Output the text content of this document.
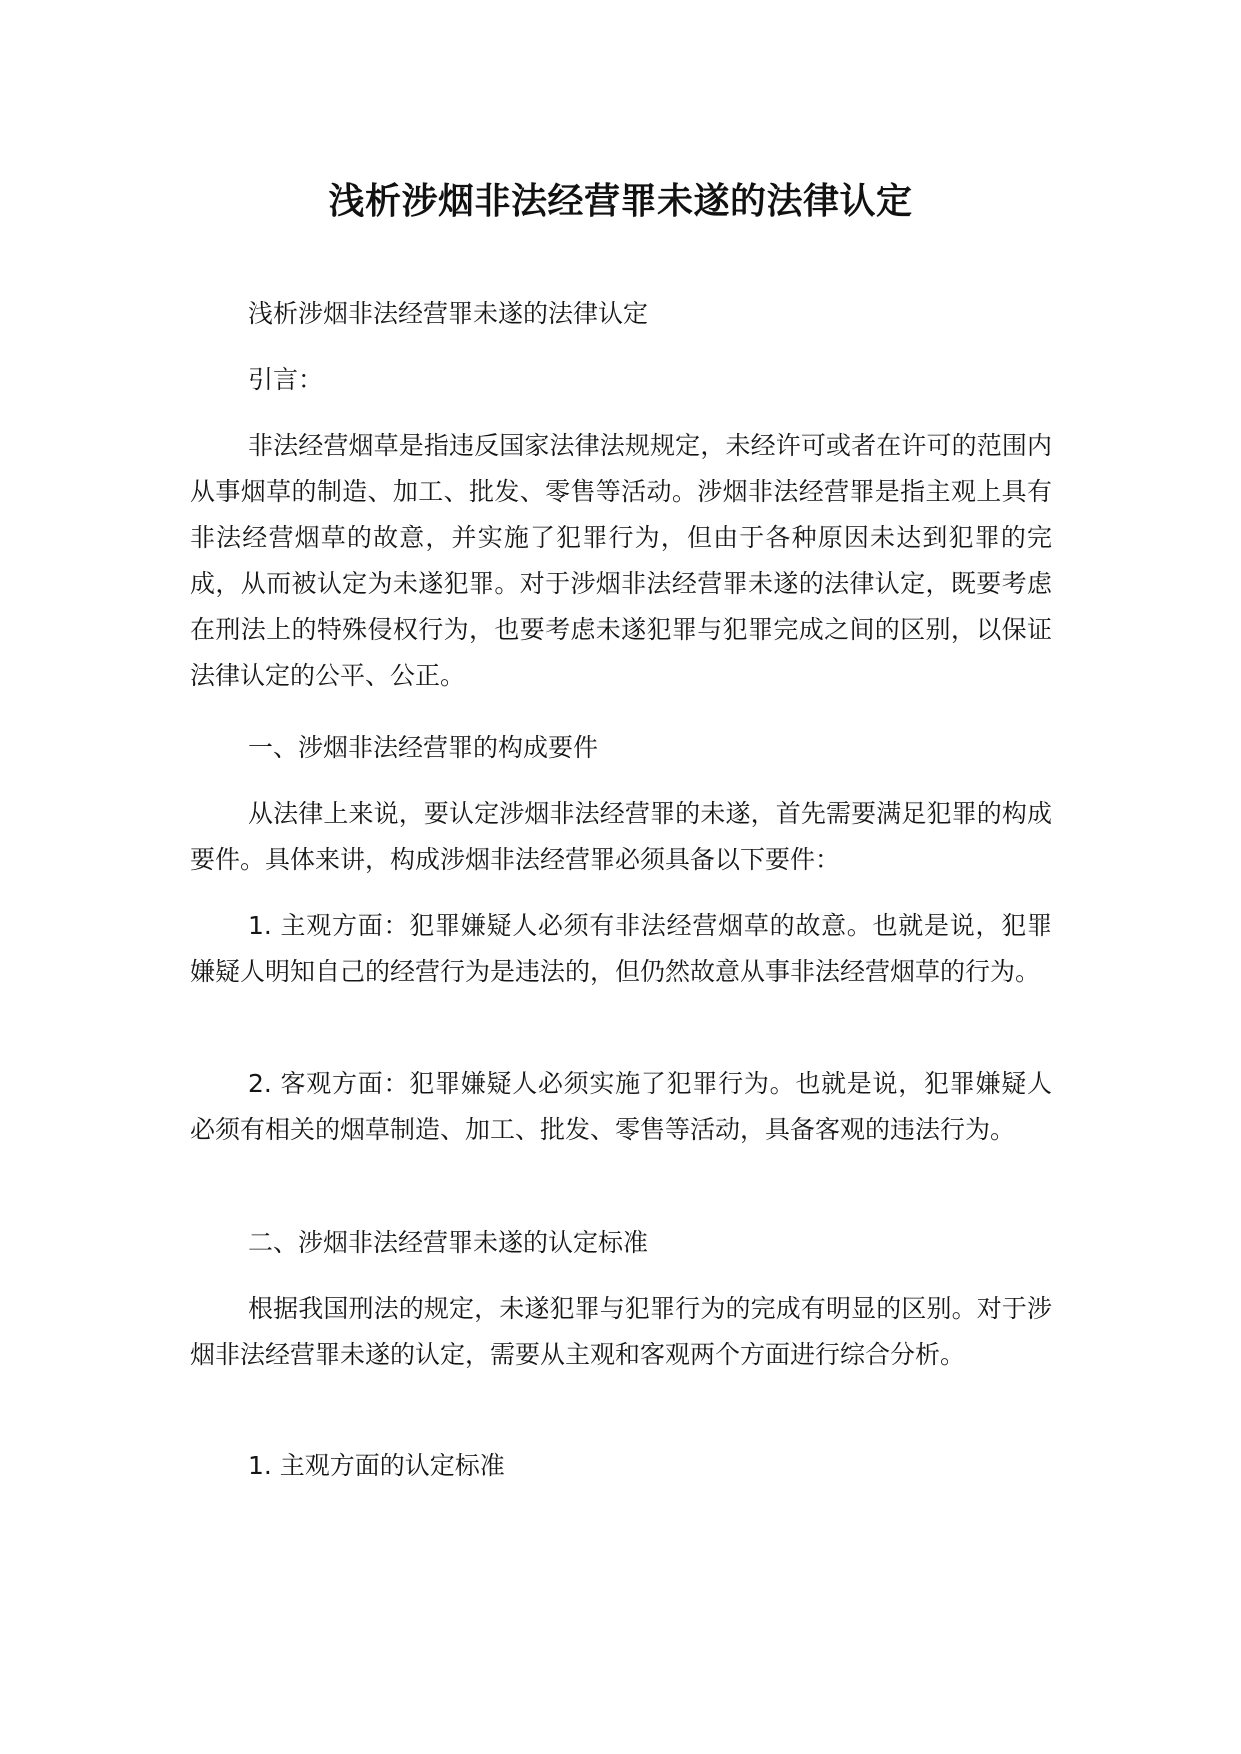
浅析涉烟非法经营罪未遂的法律认定

浅析涉烟非法经营罪未遂的法律认定

引言：

非法经营烟草是指违反国家法律法规规定，未经许可或者在许可的范围内从事烟草的制造、加工、批发、零售等活动。涉烟非法经营罪是指主观上具有非法经营烟草的故意，并实施了犯罪行为，但由于各种原因未达到犯罪的完成，从而被认定为未遂犯罪。对于涉烟非法经营罪未遂的法律认定，既要考虑在刑法上的特殊侵权行为，也要考虑未遂犯罪与犯罪完成之间的区别，以保证法律认定的公平、公正。

一、涉烟非法经营罪的构成要件

从法律上来说，要认定涉烟非法经营罪的未遂，首先需要满足犯罪的构成要件。具体来讲，构成涉烟非法经营罪必须具备以下要件：

1. 主观方面：犯罪嫌疑人必须有非法经营烟草的故意。也就是说，犯罪嫌疑人明知自己的经营行为是违法的，但仍然故意从事非法经营烟草的行为。

2. 客观方面：犯罪嫌疑人必须实施了犯罪行为。也就是说，犯罪嫌疑人必须有相关的烟草制造、加工、批发、零售等活动，具备客观的违法行为。

二、涉烟非法经营罪未遂的认定标准

根据我国刑法的规定，未遂犯罪与犯罪行为的完成有明显的区别。对于涉烟非法经营罪未遂的认定，需要从主观和客观两个方面进行综合分析。

1. 主观方面的认定标准
